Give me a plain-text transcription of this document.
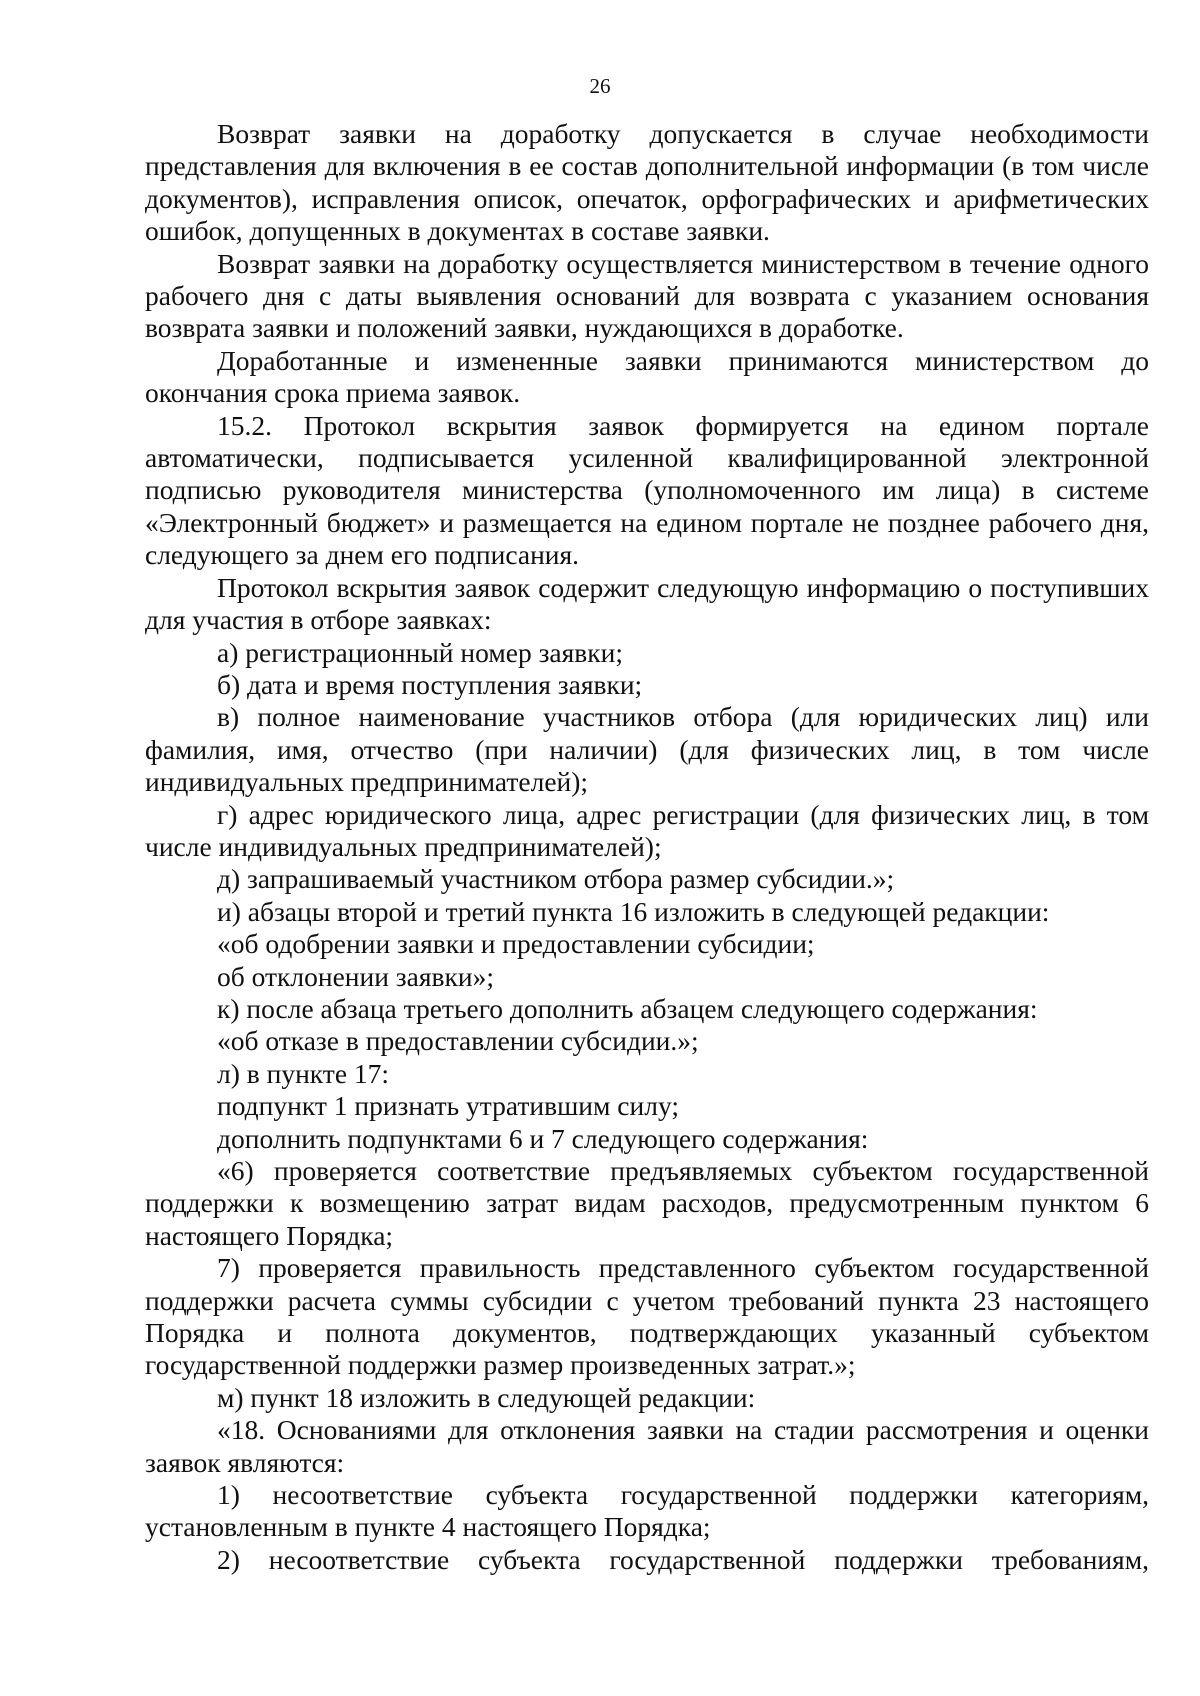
26

Возврат заявки на доработку допускается в случае необходимости представления для включения в ее состав дополнительной информации (в том числе документов), исправления описок, опечаток, орфографических и арифметических ошибок, допущенных в документах в составе заявки.

Возврат заявки на доработку осуществляется министерством в течение одного рабочего дня с даты выявления оснований для возврата с указанием основания возврата заявки и положений заявки, нуждающихся в доработке.

Доработанные и измененные заявки принимаются министерством до окончания срока приема заявок.

15.2. Протокол вскрытия заявок формируется на едином портале автоматически, подписывается усиленной квалифицированной электронной подписью руководителя министерства (уполномоченного им лица) в системе «Электронный бюджет» и размещается на едином портале не позднее рабочего дня, следующего за днем его подписания.

Протокол вскрытия заявок содержит следующую информацию о поступивших для участия в отборе заявках:

а) регистрационный номер заявки;

б) дата и время поступления заявки;

в) полное наименование участников отбора (для юридических лиц) или фамилия, имя, отчество (при наличии) (для физических лиц, в том числе индивидуальных предпринимателей);

г) адрес юридического лица, адрес регистрации (для физических лиц, в том числе индивидуальных предпринимателей);

д) запрашиваемый участником отбора размер субсидии.»;

и) абзацы второй и третий пункта 16 изложить в следующей редакции:

«об одобрении заявки и предоставлении субсидии;

об отклонении заявки»;

к) после абзаца третьего дополнить абзацем следующего содержания:

«об отказе в предоставлении субсидии.»;

л) в пункте 17:

подпункт 1 признать утратившим силу;

дополнить подпунктами 6 и 7 следующего содержания:

«6) проверяется соответствие предъявляемых субъектом государственной поддержки к возмещению затрат видам расходов, предусмотренным пунктом 6 настоящего Порядка;

7) проверяется правильность представленного субъектом государственной поддержки расчета суммы субсидии с учетом требований пункта 23 настоящего Порядка и полнота документов, подтверждающих указанный субъектом государственной поддержки размер произведенных затрат.»;

м) пункт 18 изложить в следующей редакции:

«18. Основаниями для отклонения заявки на стадии рассмотрения и оценки заявок являются:

1) несоответствие субъекта государственной поддержки категориям, установленным в пункте 4 настоящего Порядка;

2) несоответствие субъекта государственной поддержки требованиям,
